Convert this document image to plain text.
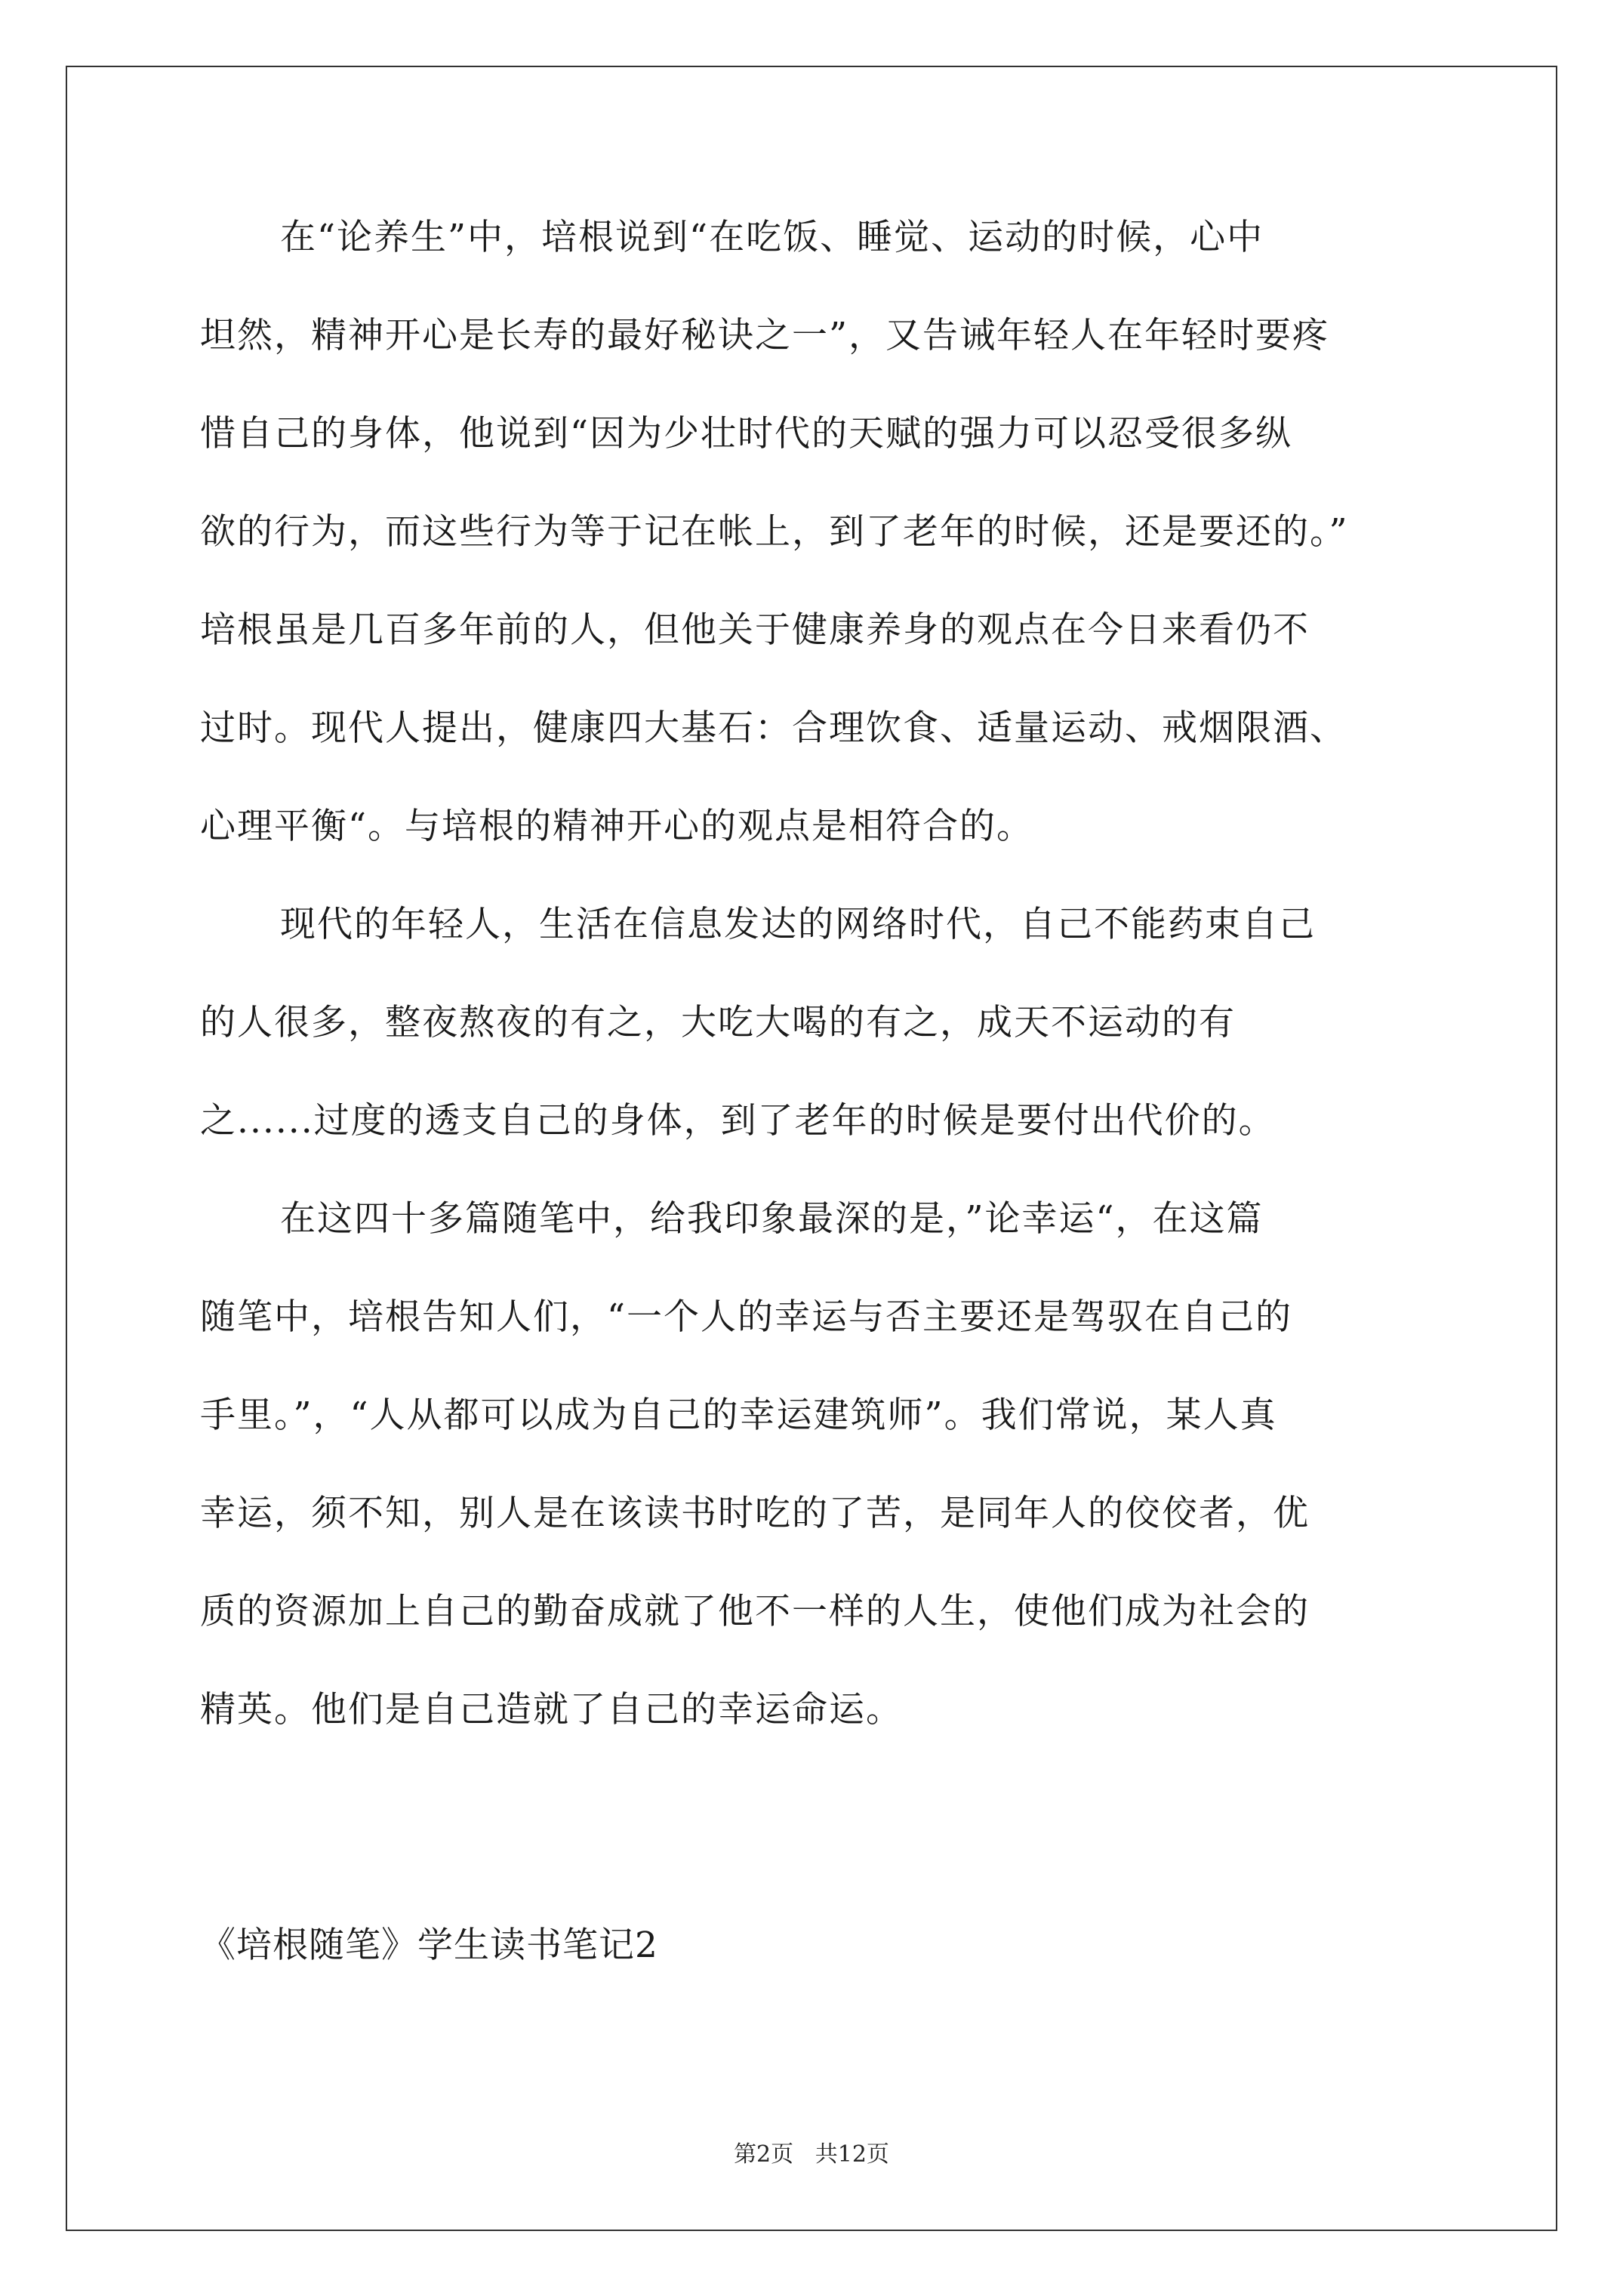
在“论养生”中，培根说到“在吃饭、睡觉、运动的时候，心中
坦然，精神开心是长寿的最好秘诀之一”，又告诫年轻人在年轻时要疼
惜自己的身体，他说到“因为少壮时代的天赋的强力可以忍受很多纵
欲的行为，而这些行为等于记在帐上，到了老年的时候，还是要还的。”
培根虽是几百多年前的人，但他关于健康养身的观点在今日来看仍不
过时。现代人提出，健康四大基石：合理饮食、适量运动、戒烟限酒、
心理平衡“。与培根的精神开心的观点是相符合的。
现代的年轻人，生活在信息发达的网络时代，自己不能药束自己
的人很多，整夜熬夜的有之，大吃大喝的有之，成天不运动的有
之......过度的透支自己的身体，到了老年的时候是要付出代价的。
在这四十多篇随笔中，给我印象最深的是，”论幸运“，在这篇
随笔中，培根告知人们，“一个人的幸运与否主要还是驾驭在自己的
手里。”，“人从都可以成为自己的幸运建筑师”。我们常说，某人真
幸运，须不知，别人是在该读书时吃的了苦，是同年人的佼佼者，优
质的资源加上自己的勤奋成就了他不一样的人生，使他们成为社会的
精英。他们是自己造就了自己的幸运命运。
《培根随笔》学生读书笔记2
第2页   共12页
